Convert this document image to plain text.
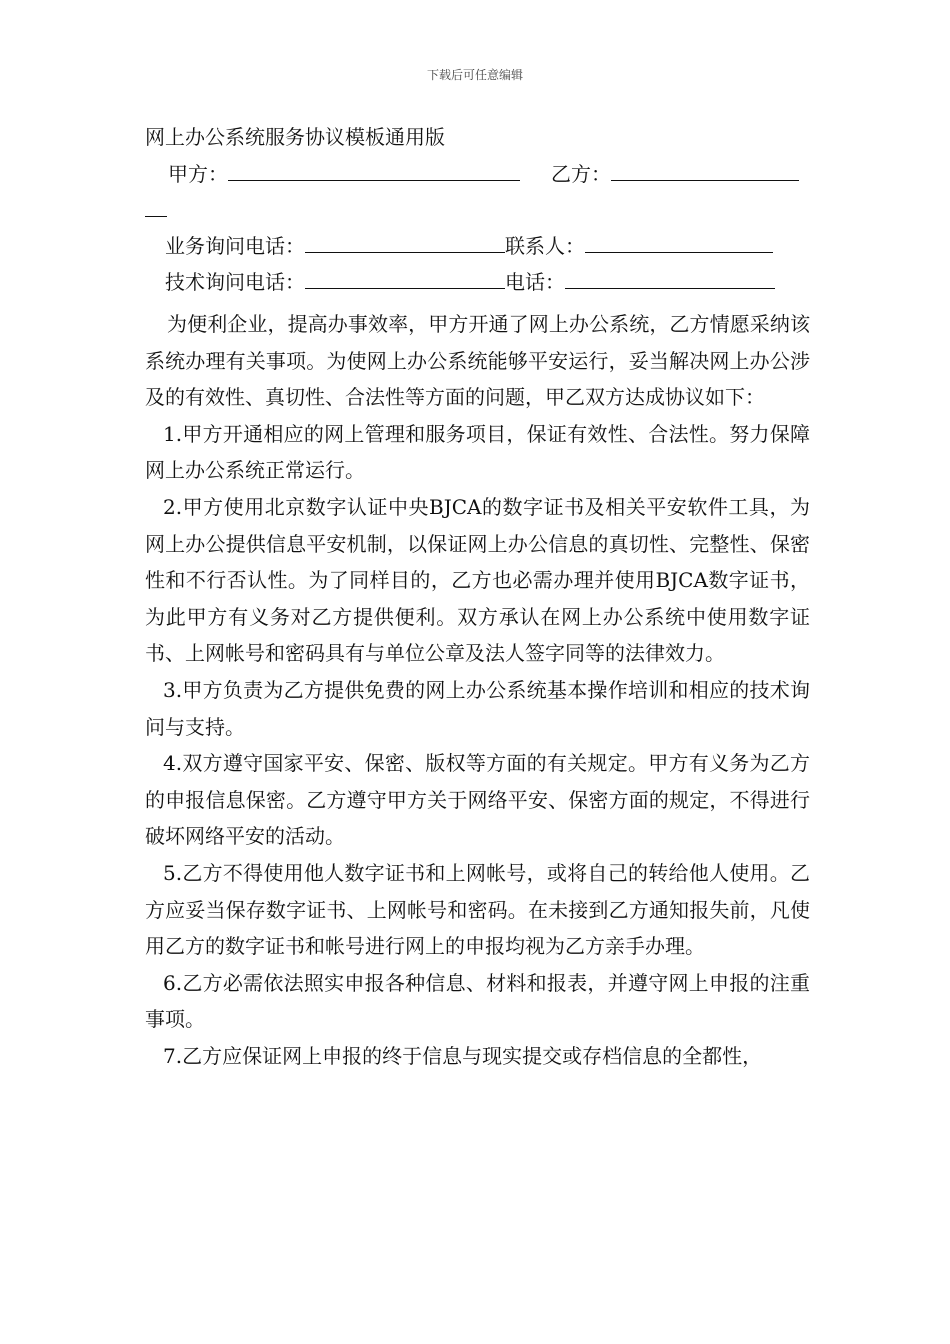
下载后可任意编辑
网上办公系统服务协议模板通用版
甲方：	乙方：
业务询问电话：	联系人：
技术询问电话：	电话：

为便利企业，提高办事效率，甲方开通了网上办公系统，乙方情愿采纳该系统办理有关事项。为使网上办公系统能够平安运行，妥当解决网上办公涉及的有效性、真切性、合法性等方面的问题，甲乙双方达成协议如下：

1.甲方开通相应的网上管理和服务项目，保证有效性、合法性。努力保障网上办公系统正常运行。

2.甲方使用北京数字认证中央BJCA的数字证书及相关平安软件工具，为网上办公提供信息平安机制，以保证网上办公信息的真切性、完整性、保密性和不行否认性。为了同样目的，乙方也必需办理并使用BJCA数字证书，为此甲方有义务对乙方提供便利。双方承认在网上办公系统中使用数字证书、上网帐号和密码具有与单位公章及法人签字同等的法律效力。

3.甲方负责为乙方提供免费的网上办公系统基本操作培训和相应的技术询问与支持。

4.双方遵守国家平安、保密、版权等方面的有关规定。甲方有义务为乙方的申报信息保密。乙方遵守甲方关于网络平安、保密方面的规定，不得进行破坏网络平安的活动。

5.乙方不得使用他人数字证书和上网帐号，或将自己的转给他人使用。乙方应妥当保存数字证书、上网帐号和密码。在未接到乙方通知报失前，凡使用乙方的数字证书和帐号进行网上的申报均视为乙方亲手办理。

6.乙方必需依法照实申报各种信息、材料和报表，并遵守网上申报的注重事项。

7.乙方应保证网上申报的终于信息与现实提交或存档信息的全都性，
